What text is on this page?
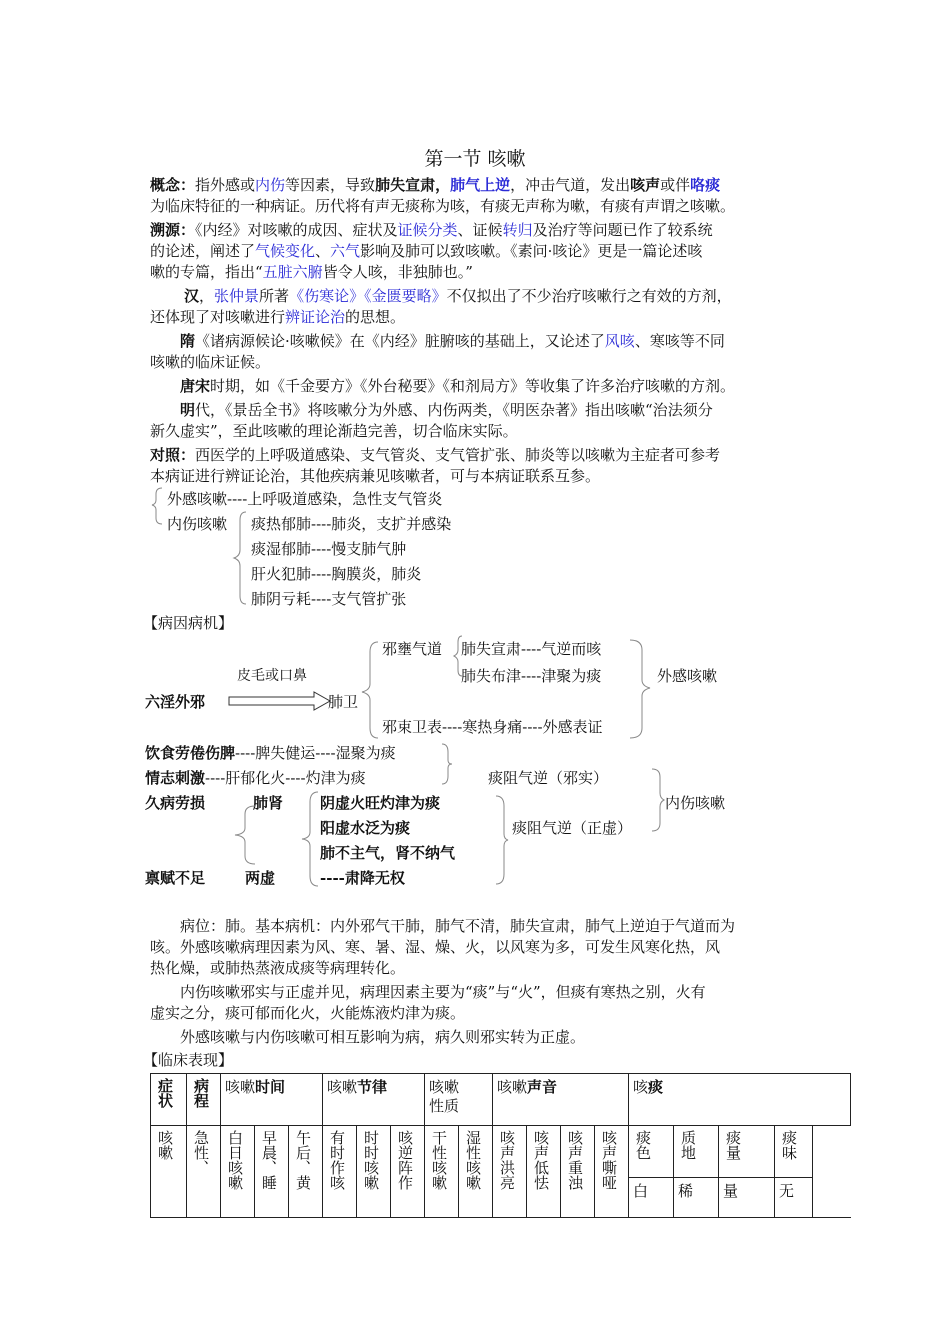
第一节 咳嗽
概念：指外感或内伤等因素，导致肺失宣肃，肺气上逆，冲击气道，发出咳声或伴咯痰
为临床特征的一种病证。历代将有声无痰称为咳，有痰无声称为嗽，有痰有声谓之咳嗽。
溯源：《内经》对咳嗽的成因、症状及证候分类、证候转归及治疗等问题已作了较系统
的论述，阐述了气候变化、六气影响及肺可以致咳嗽。《素问·咳论》更是一篇论述咳
嗽的专篇，指出“五脏六腑皆令人咳，非独肺也。”
汉，张仲景所著《伤寒论》《金匮要略》不仅拟出了不少治疗咳嗽行之有效的方剂，
还体现了对咳嗽进行辨证论治的思想。
隋《诸病源候论·咳嗽候》在《内经》脏腑咳的基础上，又论述了风咳、寒咳等不同
咳嗽的临床证候。
唐宋时期，如《千金要方》《外台秘要》《和剂局方》等收集了许多治疗咳嗽的方剂。
明代，《景岳全书》将咳嗽分为外感、内伤两类，《明医杂著》指出咳嗽“治法须分
新久虚实”，至此咳嗽的理论渐趋完善，切合临床实际。
对照：西医学的上呼吸道感染、支气管炎、支气管扩张、肺炎等以咳嗽为主症者可参考
本病证进行辨证论治，其他疾病兼见咳嗽者，可与本病证联系互参。
外感咳嗽----上呼吸道感染，急性支气管炎
内伤咳嗽 痰热郁肺----肺炎，支扩并感染
痰湿郁肺----慢支肺气肿
肝火犯肺----胸膜炎，肺炎
肺阴亏耗----支气管扩张
【病因病机】
邪壅气道 肺失宣肃----气逆而咳
肺失布津----津聚为痰	外感咳嗽
皮毛或口鼻
六淫外邪	肺卫
邪束卫表----寒热身痛----外感表证
饮食劳倦伤脾----脾失健运----湿聚为痰
情志刺激----肝郁化火----灼津为痰	痰阻气逆（邪实）
内伤咳嗽
久病劳损	肺肾 阴虚火旺灼津为痰
阳虚水泛为痰
肺不主气，肾不纳气
----肃降无权
痰阻气逆（正虚）
禀赋不足	两虚
病位：肺。基本病机：内外邪气干肺，肺气不清，肺失宣肃，肺气上逆迫于气道而为
咳。外感咳嗽病理因素为风、寒、暑、湿、燥、火，以风寒为多，可发生风寒化热，风
热化燥，或肺热蒸液成痰等病理转化。
内伤咳嗽邪实与正虚并见，病理因素主要为“痰”与“火”，但痰有寒热之别，火有
虚实之分，痰可郁而化火，火能炼液灼津为痰。
外感咳嗽与内伤咳嗽可相互影响为病，病久则邪实转为正虚。
【临床表现】
症状	病程	咳嗽时间			咳嗽节律			咳嗽性质		咳嗽声音				咳痰				

咳嗽	急性、	白日咳嗽	早晨、睡	午后、黄	有时作咳	时时咳嗽	咳逆阵作	干性咳嗽	湿性咳嗽	咳声洪亮	咳声低怯	咳声重浊	咳声嘶哑	痰色	质地	痰量	痰味	

														白	稀	量	无	
